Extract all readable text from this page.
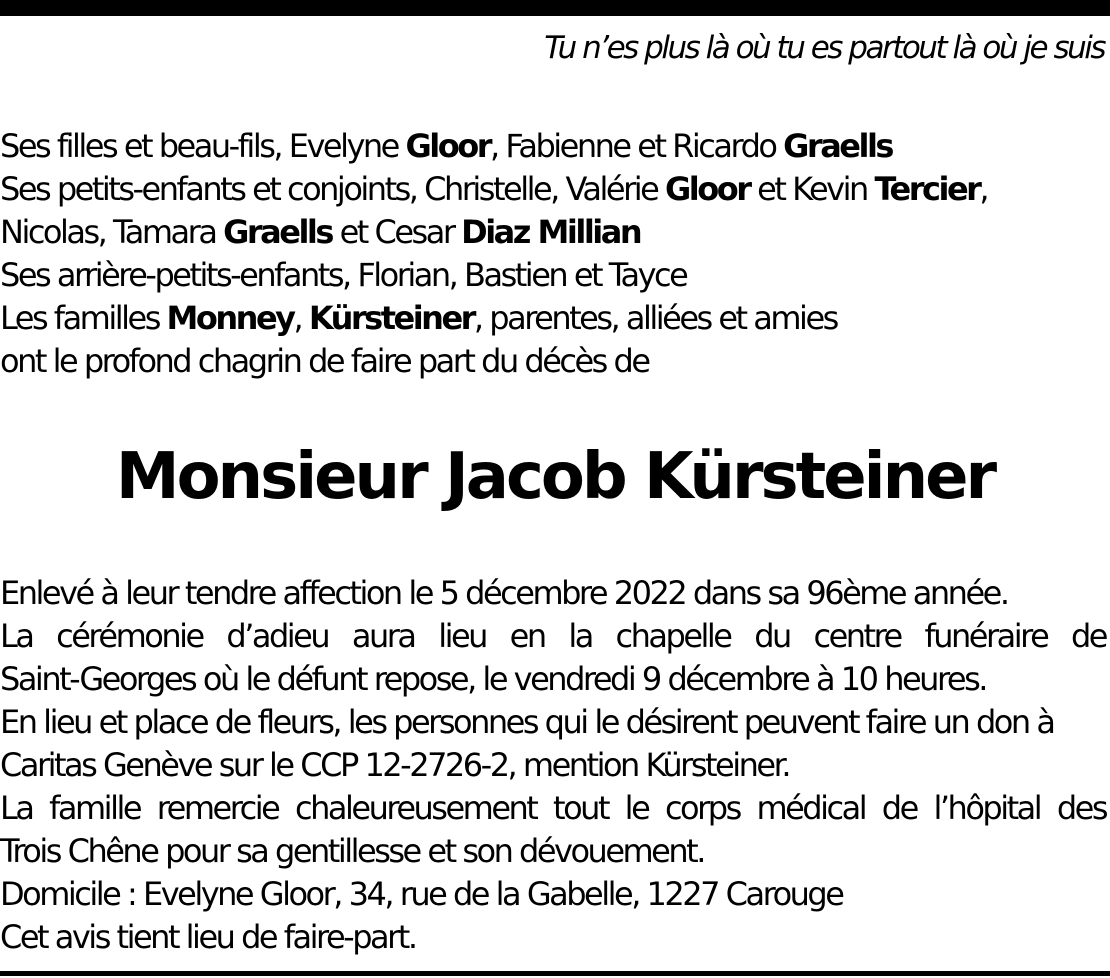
Tu n’es plus là où tu es partout là où je suis
Ses filles et beau-fils, Evelyne Gloor, Fabienne et Ricardo Graells
Ses petits-enfants et conjoints, Christelle, Valérie Gloor et Kevin Tercier,
Nicolas, Tamara Graells et Cesar Diaz Millian
Ses arrière-petits-enfants, Florian, Bastien et Tayce
Les familles Monney, Kürsteiner, parentes, alliées et amies
ont le profond chagrin de faire part du décès de
Monsieur Jacob Kürsteiner
Enlevé à leur tendre affection le 5 décembre 2022 dans sa 96ème année.
La cérémonie d’adieu aura lieu en la chapelle du centre funéraire de
Saint-Georges où le défunt repose, le vendredi 9 décembre à 10 heures.
En lieu et place de fleurs, les personnes qui le désirent peuvent faire un don à
Caritas Genève sur le CCP 12-2726-2, mention Kürsteiner.
La famille remercie chaleureusement tout le corps médical de l’hôpital des
Trois Chêne pour sa gentillesse et son dévouement.
Domicile : Evelyne Gloor, 34, rue de la Gabelle, 1227 Carouge
Cet avis tient lieu de faire-part.
